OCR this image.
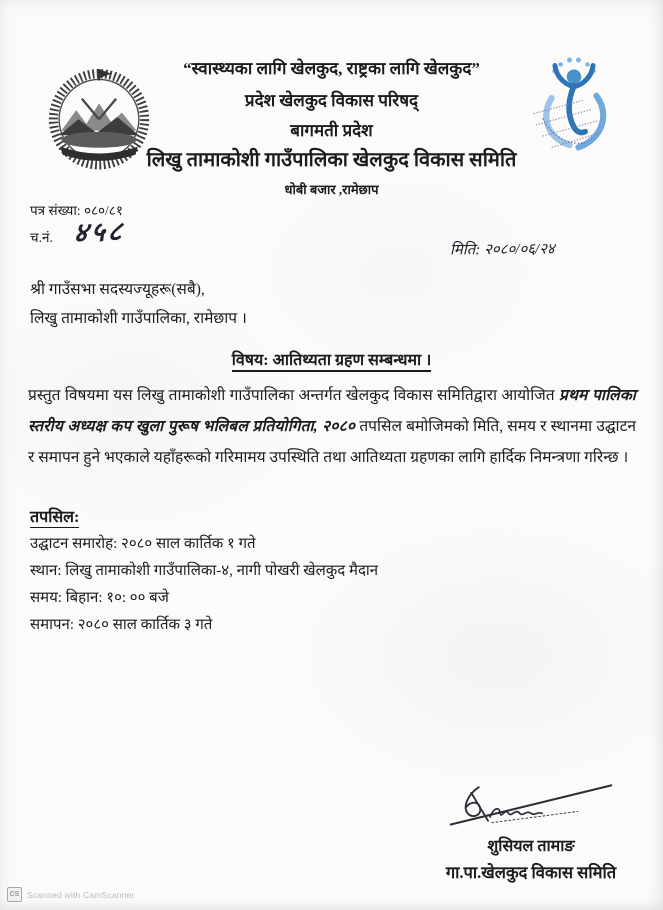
“स्वास्थ्यका लागि खेलकुद, राष्ट्रका लागि खेलकुद”
प्रदेश खेलकुद विकास परिषद्
बागमती प्रदेश
लिखु तामाकोशी गाउँपालिका खेलकुद विकास समिति
धोबी बजार ,रामेछाप
पत्र संख्या: ०८०/८१
च.नं. ४५८
मिति: २०८०/०६/२४
श्री गाउँसभा सदस्यज्यूहरू(सबै),
लिखु तामाकोशी गाउँपालिका, रामेछाप ।
विषय: आतिथ्यता ग्रहण सम्बन्धमा ।
प्रस्तुत विषयमा यस लिखु तामाकोशी गाउँपालिका अन्तर्गत खेलकुद विकास समितिद्वारा आयोजित प्रथम पालिका स्तरीय अध्यक्ष कप खुला पुरूष भलिबल प्रतियोगिता, २०८० तपसिल बमोजिमको मिति, समय र स्थानमा उद्घाटन र समापन हुने भएकाले यहाँहरूको गरिमामय उपस्थिति तथा आतिथ्यता ग्रहणका लागि हार्दिक निमन्त्रणा गरिन्छ ।
तपसिल:
उद्घाटन समारोह: २०८० साल कार्तिक १ गते
स्थान: लिखु तामाकोशी गाउँपालिका-४, नागी पोखरी खेलकुद मैदान
समय: बिहान: १०: ०० बजे
समापन: २०८० साल कार्तिक ३ गते
शुसियल तामाङ
गा.पा.खेलकुद विकास समिति
CS Scanned with CamScanner
